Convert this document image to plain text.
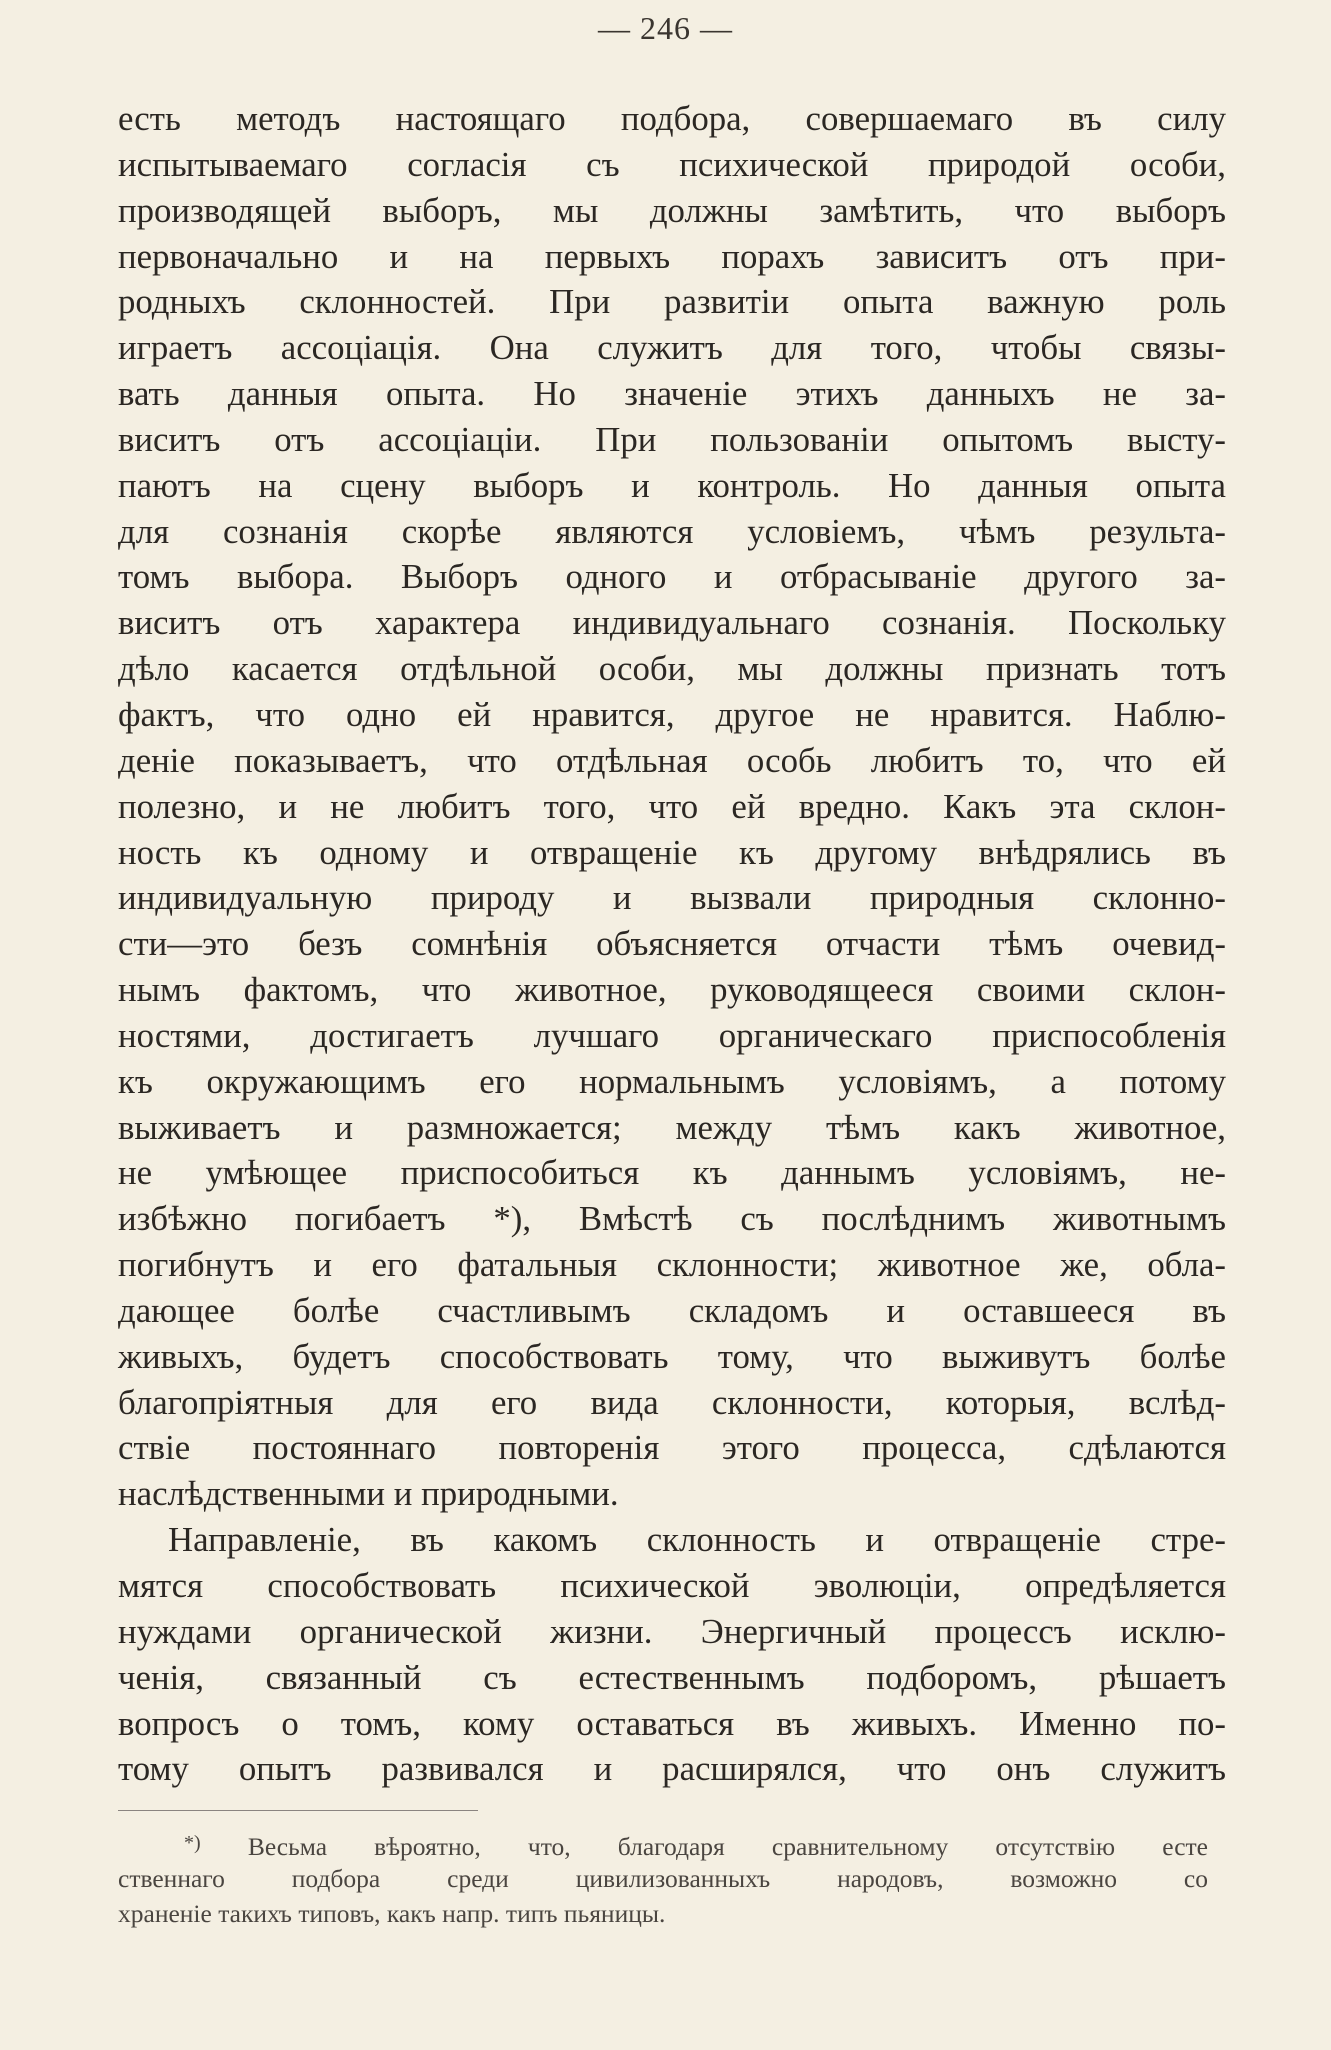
— 246 —
есть методъ настоящаго подбора, совершаемаго въ силу
испытываемаго согласія съ психической природой особи,
производящей выборъ, мы должны замѣтить, что выборъ
первоначально и на первыхъ порахъ зависитъ отъ при-
родныхъ склонностей. При развитіи опыта важную роль
играетъ ассоціація. Она служитъ для того, чтобы связы-
вать данныя опыта. Но значеніе этихъ данныхъ не за-
виситъ отъ ассоціаціи. При пользованіи опытомъ высту-
паютъ на сцену выборъ и контроль. Но данныя опыта
для сознанія скорѣе являются условіемъ, чѣмъ результа-
томъ выбора. Выборъ одного и отбрасываніе другого за-
виситъ отъ характера индивидуальнаго сознанія. Поскольку
дѣло касается отдѣльной особи, мы должны признать тотъ
фактъ, что одно ей нравится, другое не нравится. Наблю-
деніе показываетъ, что отдѣльная особь любитъ то, что ей
полезно, и не любитъ того, что ей вредно. Какъ эта склон-
ность къ одному и отвращеніе къ другому внѣдрялись въ
индивидуальную природу и вызвали природныя склонно-
сти—это безъ сомнѣнія объясняется отчасти тѣмъ очевид-
нымъ фактомъ, что животное, руководящееся своими склон-
ностями, достигаетъ лучшаго органическаго приспособленія
къ окружающимъ его нормальнымъ условіямъ, а потому
выживаетъ и размножается; между тѣмъ какъ животное,
не умѣющее приспособиться къ даннымъ условіямъ, не-
избѣжно погибаетъ *), Вмѣстѣ съ послѣднимъ животнымъ
погибнутъ и его фатальныя склонности; животное же, обла-
дающее болѣе счастливымъ складомъ и оставшееся въ
живыхъ, будетъ способствовать тому, что выживутъ болѣе
благопріятныя для его вида склонности, которыя, вслѣд-
ствіе постояннаго повторенія этого процесса, сдѣлаются
наслѣдственными и природными.
Направленіе, въ какомъ склонность и отвращеніе стре-
мятся способствовать психической эволюціи, опредѣляется
нуждами органической жизни. Энергичный процессъ исклю-
ченія, связанный съ естественнымъ подборомъ, рѣшаетъ
вопросъ о томъ, кому оставаться въ живыхъ. Именно по-
тому опытъ развивался и расширялся, что онъ служитъ
*) Весьма вѣроятно, что, благодаря сравнительному отсутствію есте
ственнаго подбора среди цивилизованныхъ народовъ, возможно со
храненіе такихъ типовъ, какъ напр. типъ пьяницы.
